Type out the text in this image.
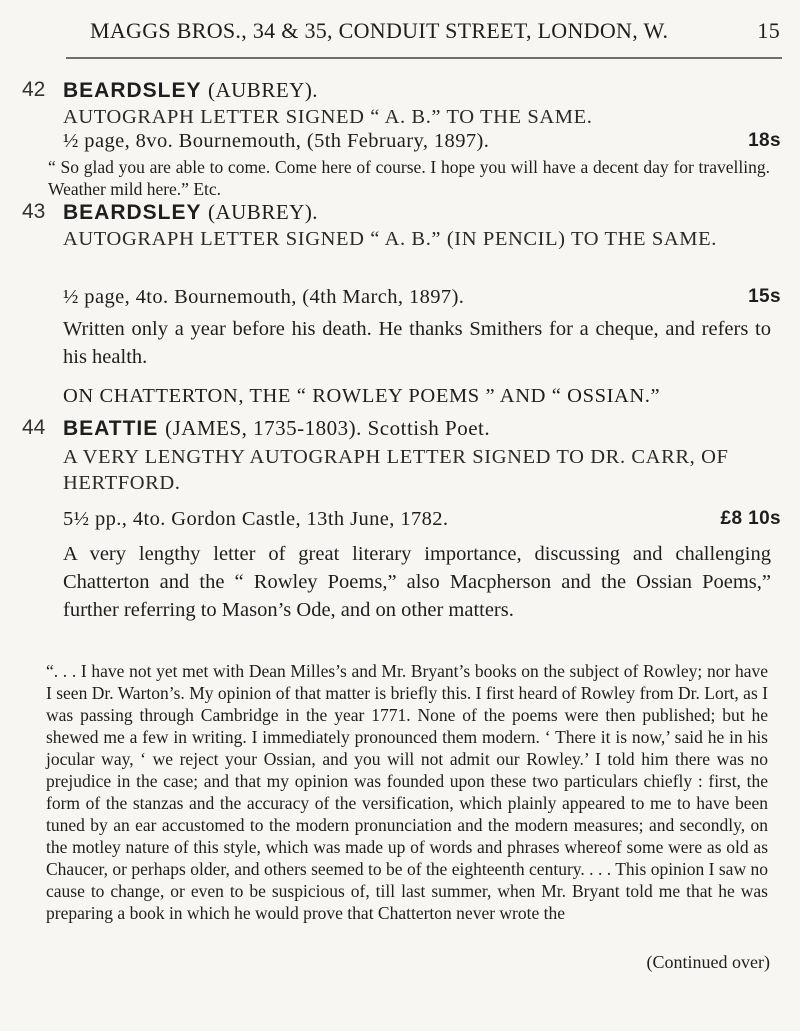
MAGGS BROS., 34 & 35, CONDUIT STREET, LONDON, W.	15
42 BEARDSLEY (AUBREY).
AUTOGRAPH LETTER SIGNED “ A. B.” TO THE SAME.
½ page, 8vo. Bournemouth, (5th February, 1897).	18s
“ So glad you are able to come. Come here of course. I hope you will have a decent day for travelling. Weather mild here.” Etc.
43 BEARDSLEY (AUBREY).
AUTOGRAPH LETTER SIGNED “ A. B.” (IN PENCIL) TO THE SAME.
½ page, 4to. Bournemouth, (4th March, 1897).	15s
Written only a year before his death. He thanks Smithers for a cheque, and refers to his health.
ON CHATTERTON, THE “ ROWLEY POEMS ” AND “ OSSIAN.”
44 BEATTIE (JAMES, 1735-1803). Scottish Poet.
A VERY LENGTHY AUTOGRAPH LETTER SIGNED TO DR. CARR, OF HERTFORD.
5½ pp., 4to. Gordon Castle, 13th June, 1782.	£8 10s
A very lengthy letter of great literary importance, discussing and challenging Chatterton and the “ Rowley Poems,” also Macpherson and the Ossian Poems,” further referring to Mason’s Ode, and on other matters.
“. . . I have not yet met with Dean Milles’s and Mr. Bryant’s books on the subject of Rowley; nor have I seen Dr. Warton’s. My opinion of that matter is briefly this. I first heard of Rowley from Dr. Lort, as I was passing through Cambridge in the year 1771. None of the poems were then published; but he shewed me a few in writing. I immediately pronounced them modern. ‘ There it is now,’ said he in his jocular way, ‘ we reject your Ossian, and you will not admit our Rowley.’ I told him there was no prejudice in the case; and that my opinion was founded upon these two particulars chiefly : first, the form of the stanzas and the accuracy of the versification, which plainly appeared to me to have been tuned by an ear accustomed to the modern pronunciation and the modern measures; and secondly, on the motley nature of this style, which was made up of words and phrases whereof some were as old as Chaucer, or perhaps older, and others seemed to be of the eighteenth century. . . . This opinion I saw no cause to change, or even to be suspicious of, till last summer, when Mr. Bryant told me that he was preparing a book in which he would prove that Chatterton never wrote the
(Continued over)
